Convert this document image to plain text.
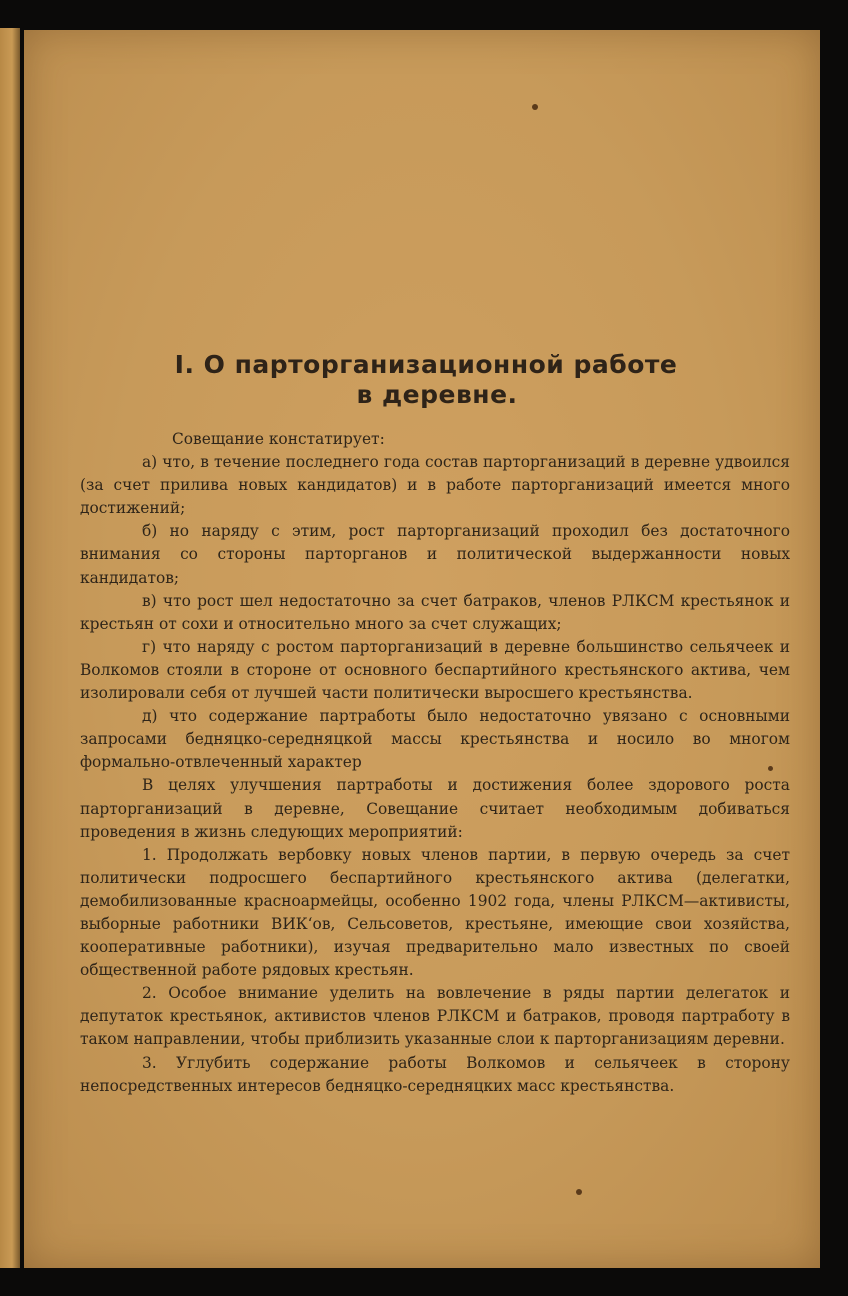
I. О парторганизационной работе
в деревне.

Совещание констатирует:

а) что, в течение последнего года состав парторганизаций в деревне удвоился (за счет прилива новых кандидатов) и в работе парторганизаций имеется много достижений;

б) но наряду с этим, рост парторганизаций проходил без достаточного внимания со стороны парторганов и политической выдержанности новых кандидатов;

в) что рост шел недостаточно за счет батраков, членов РЛКСМ крестьянок и крестьян от сохи и относительно много за счет служащих;

г) что наряду с ростом парторганизаций в деревне большинство сельячеек и Волкомов стояли в стороне от основного беспартийного крестьянского актива, чем изолировали себя от лучшей части политически выросшего крестьянства.

д) что содержание партработы было недостаточно увязано с основными запросами бедняцко-середняцкой массы крестьянства и носило во многом формально-отвлеченный характер

В целях улучшения партработы и достижения более здорового роста парторганизаций в деревне, Совещание считает необходимым добиваться проведения в жизнь следующих мероприятий:

1. Продолжать вербовку новых членов партии, в первую очередь за счет политически подросшего беспартийного крестьянского актива (делегатки, демобилизованные красноармейцы, особенно 1902 года, члены РЛКСМ—активисты, выборные работники ВИК‘ов, Сельсоветов, крестьяне, имеющие свои хозяйства, кооперативные работники), изучая предварительно мало известных по своей общественной работе рядовых крестьян.

2. Особое внимание уделить на вовлечение в ряды партии делегаток и депутаток крестьянок, активистов членов РЛКСМ и батраков, проводя партработу в таком направлении, чтобы приблизить указанные слои к парторганизациям деревни.

3. Углубить содержание работы Волкомов и сельячеек в сторону непосредственных интересов бедняцко-середняцких масс крестьянства.
